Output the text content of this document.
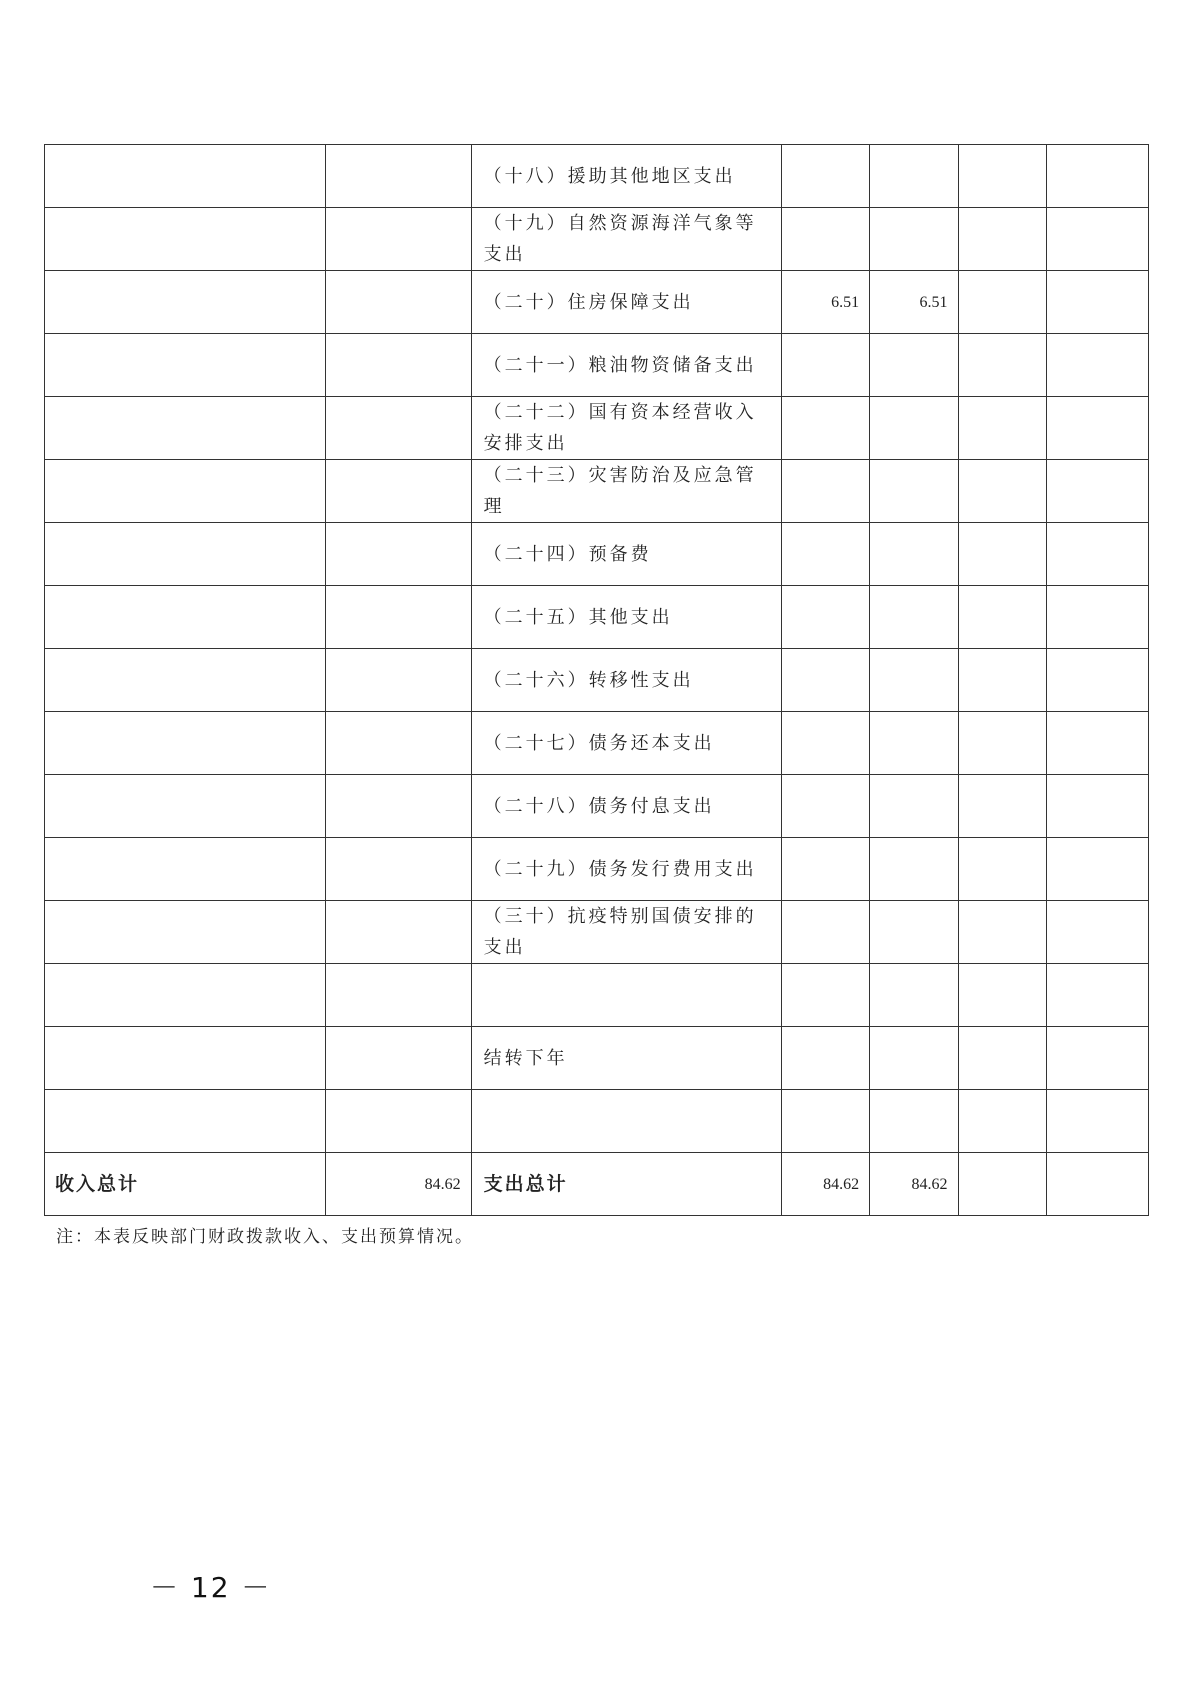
		（十八）援助其他地区支出				
		（十九）自然资源海洋气象等支出				
		（二十）住房保障支出	6.51	6.51		
		（二十一）粮油物资储备支出				
		（二十二）国有资本经营收入安排支出				
		（二十三）灾害防治及应急管理				
		（二十四）预备费				
		（二十五）其他支出				
		（二十六）转移性支出				
		（二十七）债务还本支出				
		（二十八）债务付息支出				
		（二十九）债务发行费用支出				
		（三十）抗疫特别国债安排的支出				

		结转下年				

收入总计	84.62	支出总计	84.62	84.62		
注：本表反映部门财政拨款收入、支出预算情况。
－ 12 －
